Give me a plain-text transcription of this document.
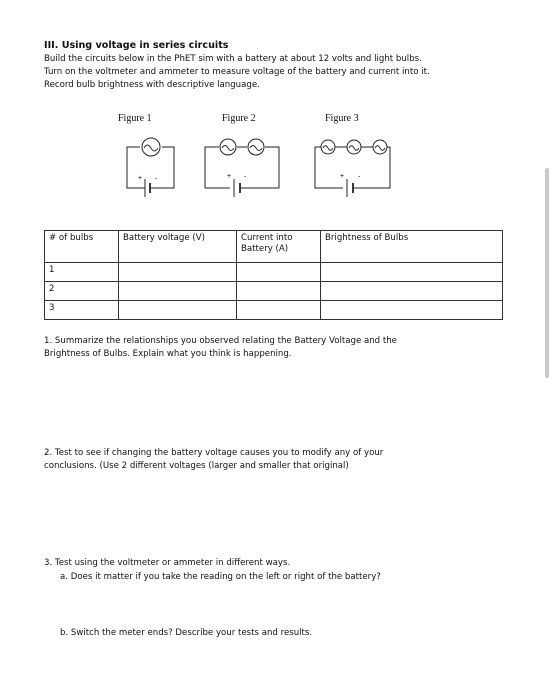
III. Using voltage in series circuits
Build the circuits below in the PhET sim with a battery at about 12 volts and light bulbs.
Turn on the voltmeter and ammeter to measure voltage of the battery and current into it.
Record bulb brightness with descriptive language.
Figure 1	Figure 2	Figure 3
+ -	+ -	+ -
# of bulbs	Battery voltage (V)	Current into Battery (A)	Brightness of Bulbs
1			
2			
3			
1. Summarize the relationships you observed relating the Battery Voltage and the
Brightness of Bulbs. Explain what you think is happening.
2. Test to see if changing the battery voltage causes you to modify any of your
conclusions. (Use 2 different voltages (larger and smaller that original)
3. Test using the voltmeter or ammeter in different ways.
a. Does it matter if you take the reading on the left or right of the battery?
b. Switch the meter ends? Describe your tests and results.
